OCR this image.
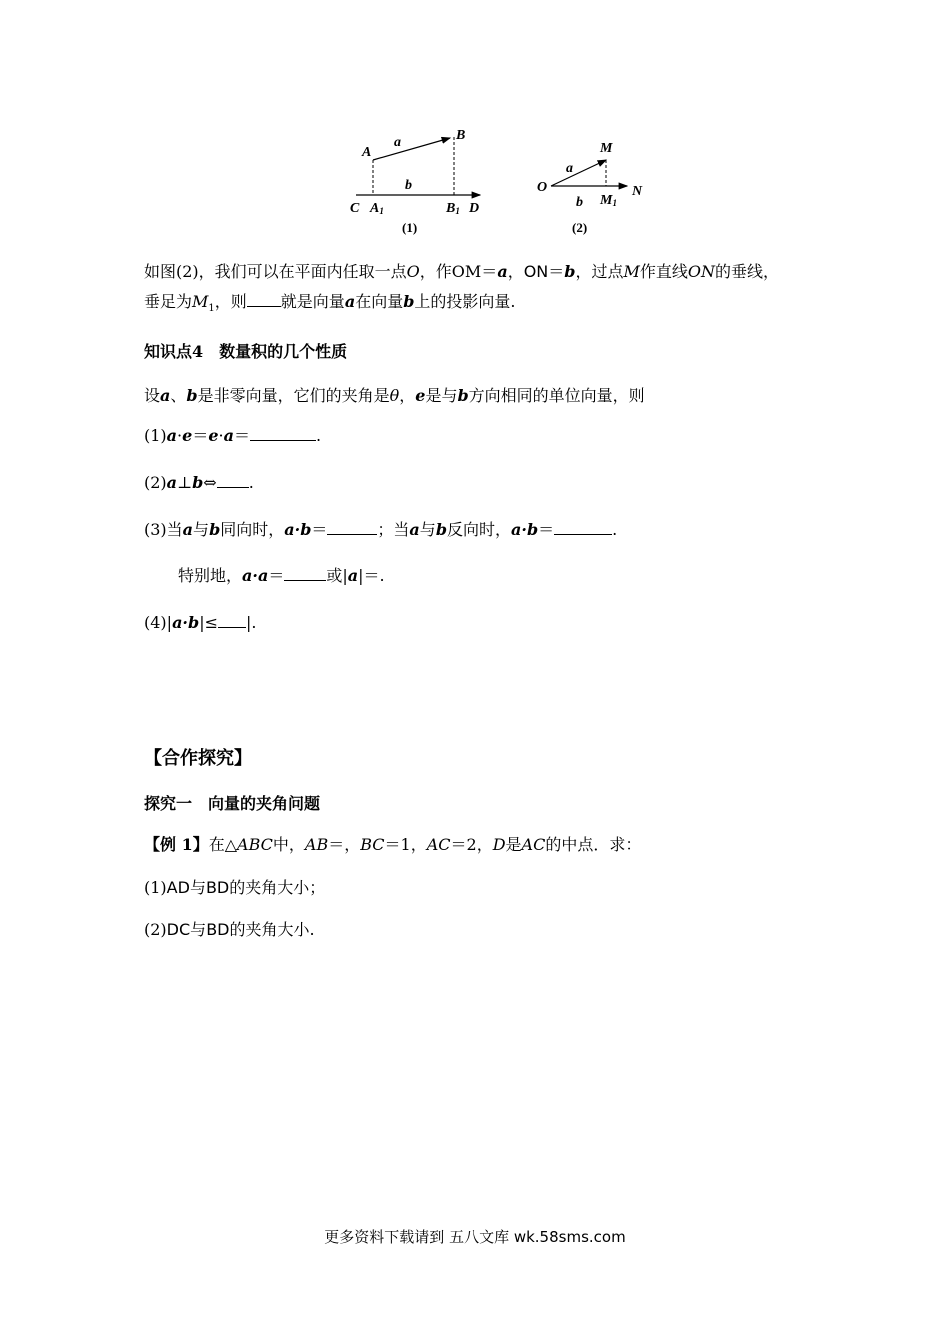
A
B
a
b
C A1	B1 D
(1)
O
M
N
a
b M1
(2)
如图(2)，我们可以在平面内任取一点O，作OM＝a，ON＝b，过点M作直线ON的垂线，
垂足为$M_1$，则 就是向量a在向量b上的投影向量.
知识点4　数量积的几个性质
设a、b是非零向量，它们的夹角是θ，e是与b方向相同的单位向量，则
(1)a·e＝e·a＝	.
(2)a⊥b⇔ .
(3)当a与b同向时，a·b＝	；当a与b反向时，a·b＝	.
特别地，a·a＝	或|a|＝.
(4)|a·b|≤ |.
【合作探究】
探究一　向量的夹角问题
【例 1】在△ABC中，AB＝，BC＝1，AC＝2，D是AC的中点．求：
(1)AD与BD的夹角大小；
(2)DC与BD的夹角大小.
更多资料下载请到 五八文库 wk.58sms.com
